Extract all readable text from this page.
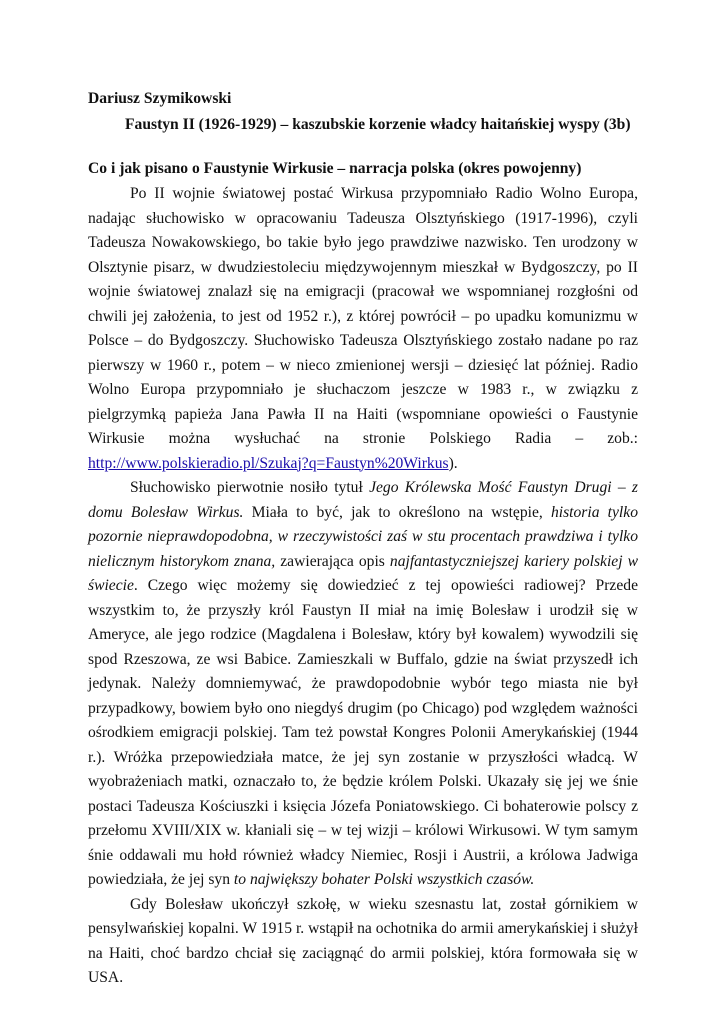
Dariusz Szymikowski
Faustyn II (1926-1929) – kaszubskie korzenie władcy haitańskiej wyspy (3b)
Co i jak pisano o Faustynie Wirkusie – narracja polska (okres powojenny)

Po II wojnie światowej postać Wirkusa przypomniało Radio Wolno Europa, nadając słuchowisko w opracowaniu Tadeusza Olsztyńskiego (1917-1996), czyli Tadeusza Nowakowskiego, bo takie było jego prawdziwe nazwisko. Ten urodzony w Olsztynie pisarz, w dwudziestoleciu międzywojennym mieszkał w Bydgoszczy, po II wojnie światowej znalazł się na emigracji (pracował we wspomnianej rozgłośni od chwili jej założenia, to jest od 1952 r.), z której powrócił – po upadku komunizmu w Polsce – do Bydgoszczy. Słuchowisko Tadeusza Olsztyńskiego zostało nadane po raz pierwszy w 1960 r., potem – w nieco zmienionej wersji – dziesięć lat później. Radio Wolno Europa przypomniało je słuchaczom jeszcze w 1983 r., w związku z pielgrzymką papieża Jana Pawła II na Haiti (wspomniane opowieści o Faustynie Wirkusie można wysłuchać na stronie Polskiego Radia – zob.: http://www.polskieradio.pl/Szukaj?q=Faustyn%20Wirkus).

Słuchowisko pierwotnie nosiło tytuł Jego Królewska Mość Faustyn Drugi – z domu Bolesław Wirkus. Miała to być, jak to określono na wstępie, historia tylko pozornie nieprawdopodobna, w rzeczywistości zaś w stu procentach prawdziwa i tylko nielicznym historykom znana, zawierająca opis najfantastyczniejszej kariery polskiej w świecie. Czego więc możemy się dowiedzieć z tej opowieści radiowej? Przede wszystkim to, że przyszły król Faustyn II miał na imię Bolesław i urodził się w Ameryce, ale jego rodzice (Magdalena i Bolesław, który był kowalem) wywodzili się spod Rzeszowa, ze wsi Babice. Zamieszkali w Buffalo, gdzie na świat przyszedł ich jedynak. Należy domniemywać, że prawdopodobnie wybór tego miasta nie był przypadkowy, bowiem było ono niegdyś drugim (po Chicago) pod względem ważności ośrodkiem emigracji polskiej. Tam też powstał Kongres Polonii Amerykańskiej (1944 r.). Wróżka przepowiedziała matce, że jej syn zostanie w przyszłości władcą. W wyobrażeniach matki, oznaczało to, że będzie królem Polski. Ukazały się jej we śnie postaci Tadeusza Kościuszki i księcia Józefa Poniatowskiego. Ci bohaterowie polscy z przełomu XVIII/XIX w. kłaniali się – w tej wizji – królowi Wirkusowi. W tym samym śnie oddawali mu hołd również władcy Niemiec, Rosji i Austrii, a królowa Jadwiga powiedziała, że jej syn to największy bohater Polski wszystkich czasów.

Gdy Bolesław ukończył szkołę, w wieku szesnastu lat, został górnikiem w pensylwańskiej kopalni. W 1915 r. wstąpił na ochotnika do armii amerykańskiej i służył na Haiti, choć bardzo chciał się zaciągnąć do armii polskiej, która formowała się w USA.
